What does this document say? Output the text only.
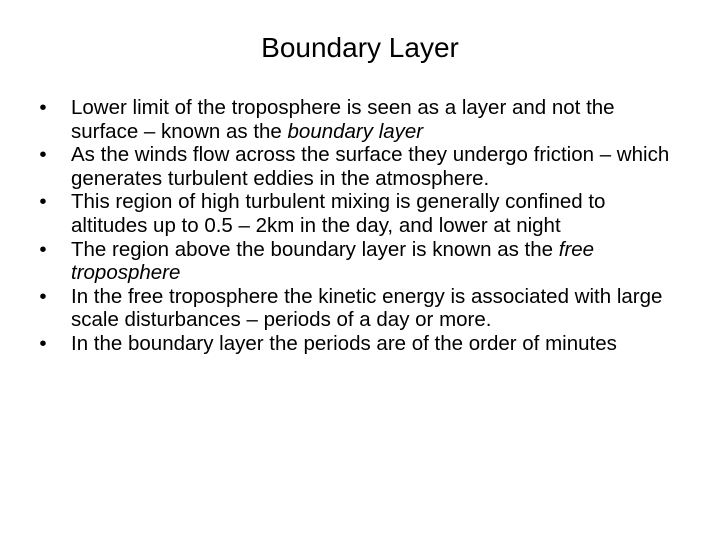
Boundary Layer
• Lower limit of the troposphere is seen as a layer and not the surface – known as the boundary layer
• As the winds flow across the surface they undergo friction – which generates turbulent eddies in the atmosphere.
• This region of high turbulent mixing is generally confined to altitudes up to 0.5 – 2km in the day, and lower at night
• The region above the boundary layer is known as the free troposphere
• In the free troposphere the kinetic energy is associated with large scale disturbances – periods of a day or more.
• In the boundary layer the periods are of the order of minutes
